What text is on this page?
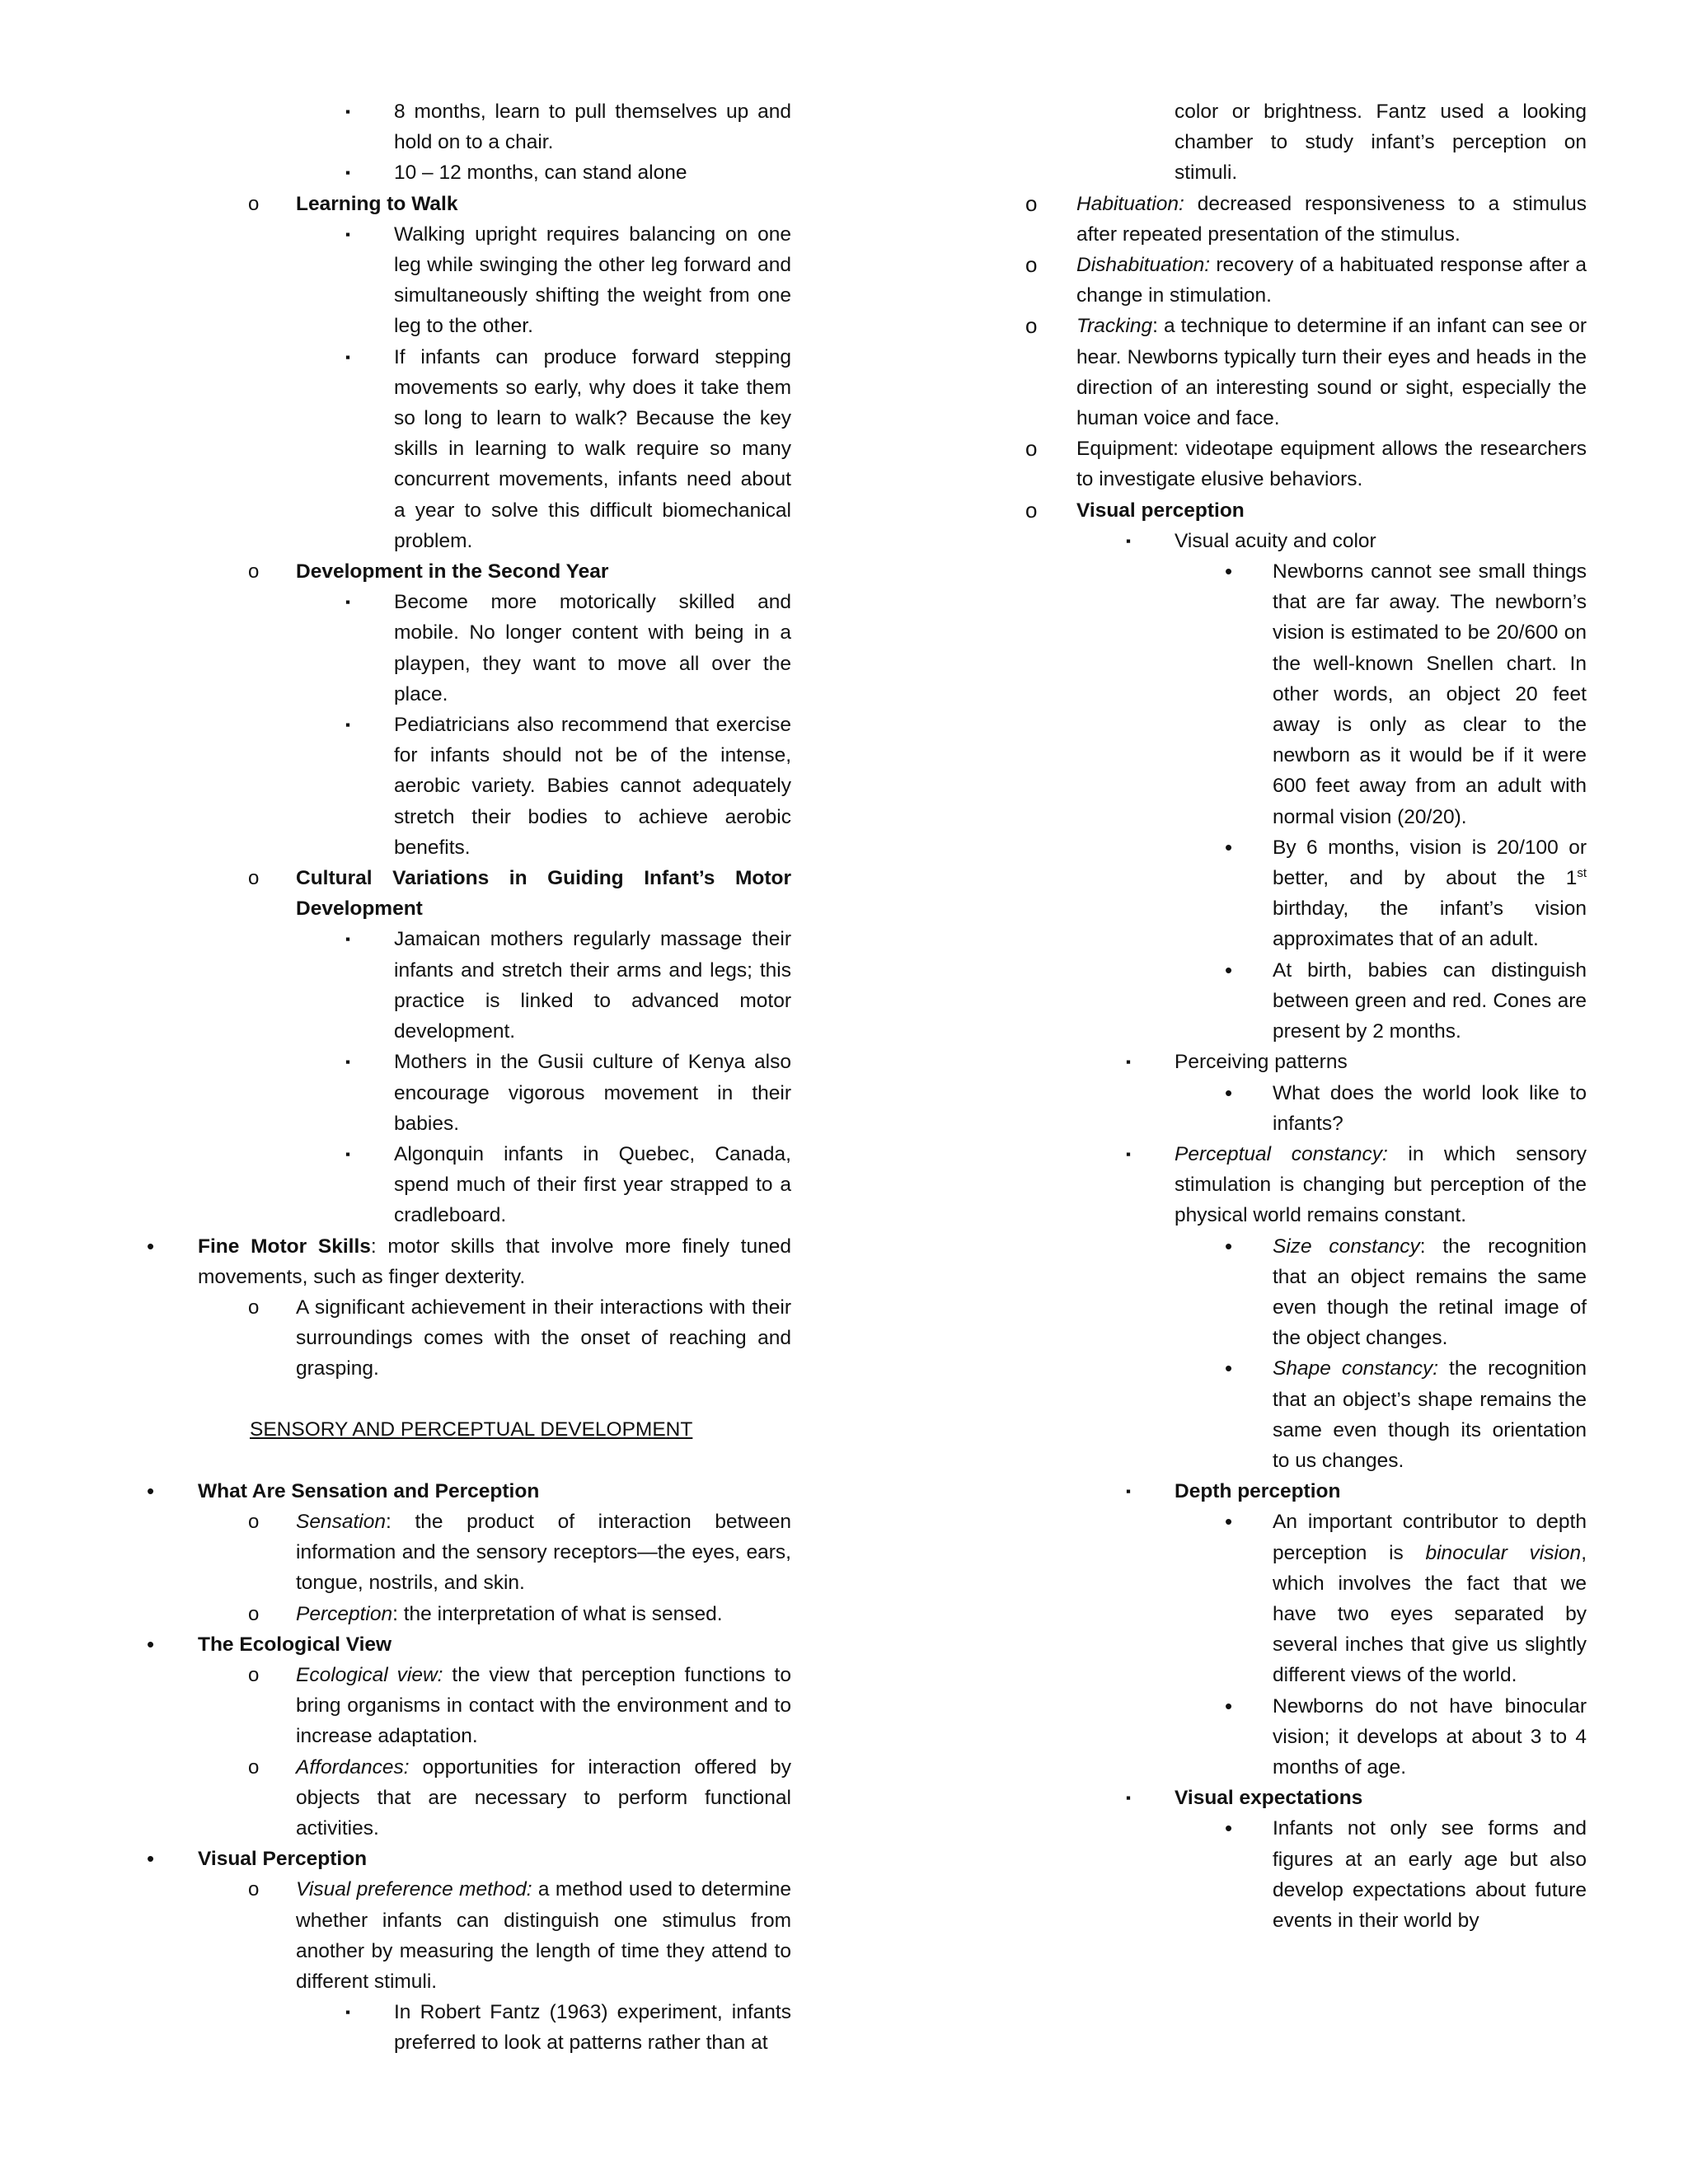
▪ 8 months, learn to pull themselves up and hold on to a chair.
▪ 10 – 12 months, can stand alone
o Learning to Walk
▪ Walking upright requires balancing on one leg while swinging the other leg forward and simultaneously shifting the weight from one leg to the other.
▪ If infants can produce forward stepping movements so early, why does it take them so long to learn to walk? Because the key skills in learning to walk require so many concurrent movements, infants need about a year to solve this difficult biomechanical problem.
o Development in the Second Year
▪ Become more motorically skilled and mobile. No longer content with being in a playpen, they want to move all over the place.
▪ Pediatricians also recommend that exercise for infants should not be of the intense, aerobic variety. Babies cannot adequately stretch their bodies to achieve aerobic benefits.
o Cultural Variations in Guiding Infant’s Motor Development
▪ Jamaican mothers regularly massage their infants and stretch their arms and legs; this practice is linked to advanced motor development.
▪ Mothers in the Gusii culture of Kenya also encourage vigorous movement in their babies.
▪ Algonquin infants in Quebec, Canada, spend much of their first year strapped to a cradleboard.
• Fine Motor Skills: motor skills that involve more finely tuned movements, such as finger dexterity.
o A significant achievement in their interactions with their surroundings comes with the onset of reaching and grasping.
SENSORY AND PERCEPTUAL DEVELOPMENT
• What Are Sensation and Perception
o Sensation: the product of interaction between information and the sensory receptors—the eyes, ears, tongue, nostrils, and skin.
o Perception: the interpretation of what is sensed.
• The Ecological View
o Ecological view: the view that perception functions to bring organisms in contact with the environment and to increase adaptation.
o Affordances: opportunities for interaction offered by objects that are necessary to perform functional activities.
• Visual Perception
o Visual preference method: a method used to determine whether infants can distinguish one stimulus from another by measuring the length of time they attend to different stimuli.
▪ In Robert Fantz (1963) experiment, infants preferred to look at patterns rather than at
color or brightness. Fantz used a looking chamber to study infant’s perception on stimuli.
o Habituation: decreased responsiveness to a stimulus after repeated presentation of the stimulus.
o Dishabituation: recovery of a habituated response after a change in stimulation.
o Tracking: a technique to determine if an infant can see or hear. Newborns typically turn their eyes and heads in the direction of an interesting sound or sight, especially the human voice and face.
o Equipment: videotape equipment allows the researchers to investigate elusive behaviors.
o Visual perception
▪ Visual acuity and color
• Newborns cannot see small things that are far away. The newborn’s vision is estimated to be 20/600 on the well-known Snellen chart. In other words, an object 20 feet away is only as clear to the newborn as it would be if it were 600 feet away from an adult with normal vision (20/20).
• By 6 months, vision is 20/100 or better, and by about the 1st birthday, the infant’s vision approximates that of an adult.
• At birth, babies can distinguish between green and red. Cones are present by 2 months.
▪ Perceiving patterns
• What does the world look like to infants?
▪ Perceptual constancy: in which sensory stimulation is changing but perception of the physical world remains constant.
• Size constancy: the recognition that an object remains the same even though the retinal image of the object changes.
• Shape constancy: the recognition that an object’s shape remains the same even though its orientation to us changes.
▪ Depth perception
• An important contributor to depth perception is binocular vision, which involves the fact that we have two eyes separated by several inches that give us slightly different views of the world.
• Newborns do not have binocular vision; it develops at about 3 to 4 months of age.
▪ Visual expectations
• Infants not only see forms and figures at an early age but also develop expectations about future events in their world by
